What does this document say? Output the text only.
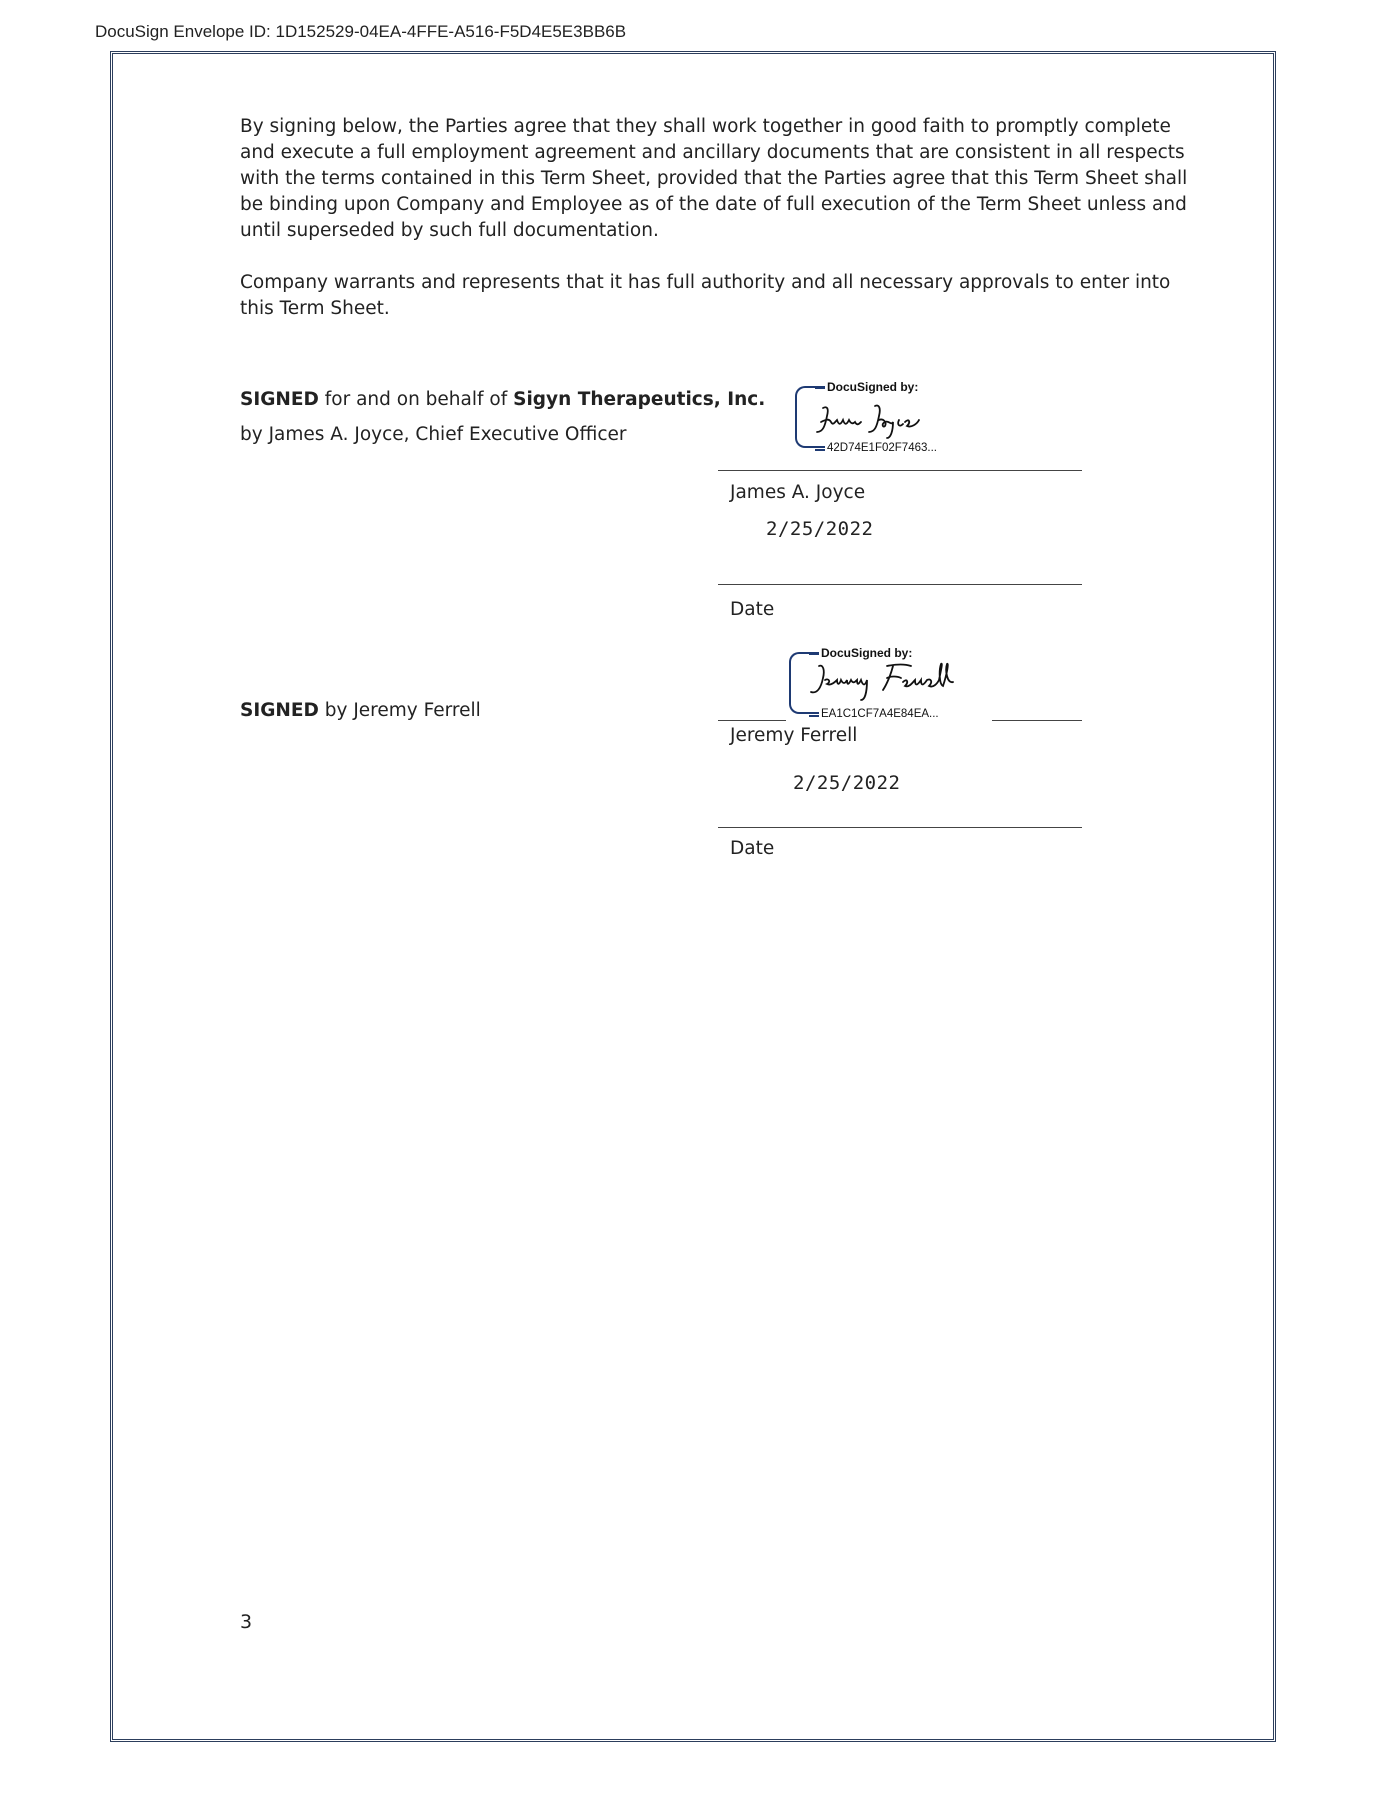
DocuSign Envelope ID: 1D152529-04EA-4FFE-A516-F5D4E5E3BB6B

By signing below, the Parties agree that they shall work together in good faith to promptly complete and execute a full employment agreement and ancillary documents that are consistent in all respects with the terms contained in this Term Sheet, provided that the Parties agree that this Term Sheet shall be binding upon Company and Employee as of the date of full execution of the Term Sheet unless and until superseded by such full documentation.

Company warrants and represents that it has full authority and all necessary approvals to enter into this Term Sheet.

SIGNED for and on behalf of Sigyn Therapeutics, Inc.
by James A. Joyce, Chief Executive Officer
DocuSigned by:
42D74E1F02F7463...
James A. Joyce
2/25/2022
Date
SIGNED by Jeremy Ferrell
DocuSigned by:
EA1C1CF7A4E84EA...
Jeremy Ferrell
2/25/2022
Date
3
